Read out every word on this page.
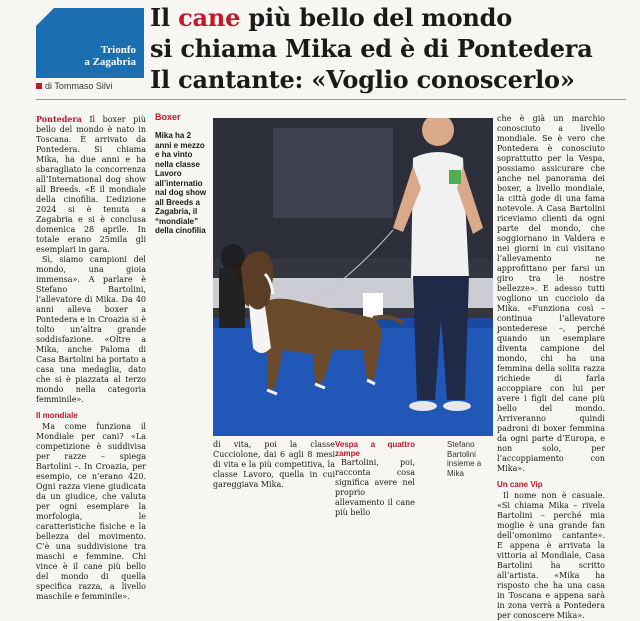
Trionfo
a Zagabria
di Tommaso Silvi
Il cane più bello del mondo
si chiama Mika ed è di Pontedera
Il cantante: «Voglio conoscerlo»

Pontedera Il boxer più bello del mondo è nato in Toscana. È arrivato da Pontedera. Si chiama Mika, ha due anni e ha sbaragliato la concorrenza all’International dog show all Breeds. «È il mondiale della cinofilia. L’edizione 2024 si è tenuta a Zagabria e si è conclusa domenica 28 aprile. In totale erano 25mila gli esemplari in gara.

Sì, siamo campioni del mondo, una gioia immensa». A parlare è Stefano Bartolini, l’allevatore di Mika. Da 40 anni alleva boxer a Pontedera e in Croazia si è tolto un’altra grande soddisfazione. «Oltre a Mika, anche Paloma di Casa Bartolini ha portato a casa una medaglia, dato che si è piazzata al terzo mondo nella categoria femminile».

Il mondiale

Ma come funziona il Mondiale per cani? «La competizione è suddivisa per razze – spiega Bartolini –. In Croazia, per esempio, ce n’erano 420. Ogni razza viene giudicata da un giudice, che valuta per ogni esemplare la morfologia, le caratteristiche fisiche e la bellezza del movimento. C’è una suddivisione tra maschi e femmine. Chi vince è il cane più bello del mondo di quella specifica razza, a livello maschile e femminile».

Boxer
Mika ha 2 anni e mezzo e ha vinto nella classe Lavoro all’internatio nal dog show all Breeds a Zagabria, il “mondiale” della cinofilia

di vita, poi la classe Cucciolone, dai 6 agli 8 mesi di vita e la più competitiva, la classe Lavoro, quella in cui gareggiava Mika.

Vespa a quattro zampe

Bartolini, poi, racconta cosa significa avere nel proprio allevamento il cane più bello

Stefano Bartolini insieme a Mika

che è già un marchio conosciuto a livello mondiale. Se è vero che Pontedera è conosciuto soprattutto per la Vespa, possiamo assicurare che anche nel panorama dei boxer, a livello mondiale, la città gode di una fama notevole. A Casa Bartolini riceviamo clienti da ogni parte del mondo, che soggiornano in Valdera e nei giorni in cui visitano l’allevamento ne approfittano per farsi un giro tra le nostre bellezze». E adesso tutti vogliono un cucciolo da Mika. «Funziona così – continua l’allevatore pontederese –, perché quando un esemplare diventa campione del mondo, chi ha una femmina della solita razza richiede di farla accoppiare con lui per avere i figli del cane più bello del mondo. Arriveranno quindi padroni di boxer femmina da ogni parte d’Europa, e non solo, per l’accoppiamento con Mika».

Un cane Vip

Il nome non è casuale. «Si chiama Mika – rivela Bartolini – perché mia moglie è una grande fan dell’omonimo cantante». E appena è arrivata la vittoria al Mondiale, Casa Bartolini ha scritto all’artista. «Mika ha risposto che ha una casa in Toscana e appena sarà in zona verrà a Pontedera per conoscere Mika».
